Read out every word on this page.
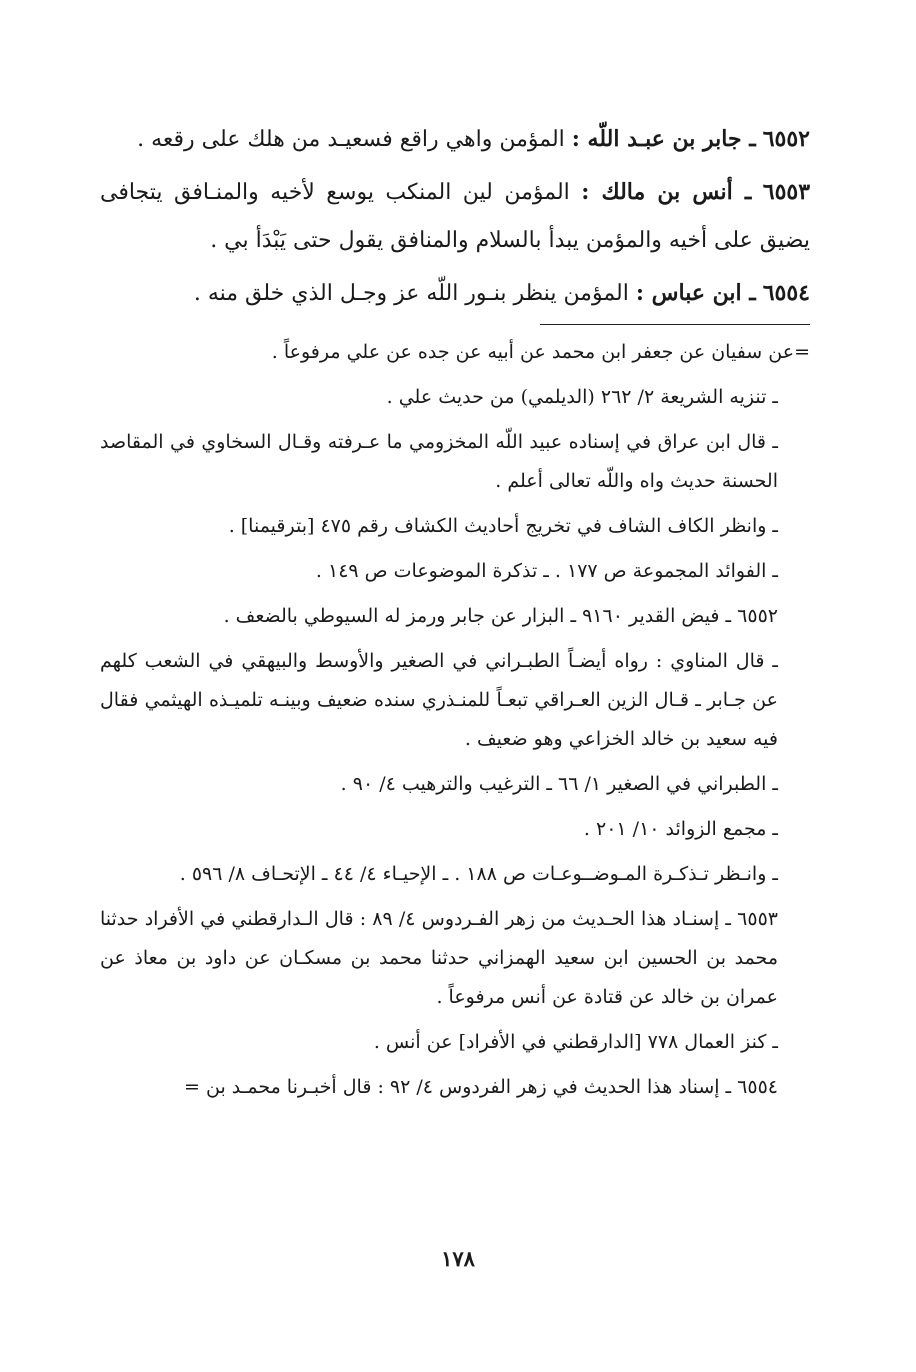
٦٥٥٢ ـ جابر بن عبـد اللّه : المؤمن واهي راقع فسعيـد من هلك على رقعه .

٦٥٥٣ ـ أنس بن مالك : المؤمن لين المنكب يوسع لأخيه والمنـافق يتجافى يضيق على أخيه والمؤمن يبدأ بالسلام والمنافق يقول حتى يَبْدَأ بي .

٦٥٥٤ ـ ابن عباس : المؤمن ينظر بنـور اللّه عز وجـل الذي خلق منه .

=عن سفيان عن جعفر ابن محمد عن أبيه عن جده عن علي مرفوعاً .

ـ تنزيه الشريعة ٢/ ٢٦٢ (الديلمي) من حديث علي .

ـ قال ابن عراق في إسناده عبيد اللّه المخزومي ما عـرفته وقـال السخاوي في المقاصد الحسنة حديث واه واللّه تعالى أعلم .

ـ وانظر الكاف الشاف في تخريج أحاديث الكشاف رقم ٤٧٥ [بترقيمنا] .

ـ الفوائد المجموعة ص ١٧٧ . ـ تذكرة الموضوعات ص ١٤٩ .

٦٥٥٢ ـ فيض القدير ٩١٦٠ ـ البزار عن جابر ورمز له السيوطي بالضعف .

ـ قال المناوي : رواه أيضـاً الطبـراني في الصغير والأوسط والبيهقي في الشعب كلهم عن جـابر ـ قـال الزين العـراقي تبعـاً للمنـذري سنده ضعيف وبينـه تلميـذه الهيثمي فقال فيه سعيد بن خالد الخزاعي وهو ضعيف .

ـ الطبراني في الصغير ١/ ٦٦ ـ الترغيب والترهيب ٤/ ٩٠ .

ـ مجمع الزوائد ١٠/ ٢٠١ .

ـ وانـظر تـذكـرة المـوضــوعـات ص ١٨٨ . ـ الإحيـاء ٤/ ٤٤ ـ الإتحـاف ٨/ ٥٩٦ .

٦٥٥٣ ـ إسنـاد هذا الحـديث من زهر الفـردوس ٤/ ٨٩ : قال الـدارقطني في الأفراد حدثنا محمد بن الحسين ابن سعيد الهمزاني حدثنا محمد بن مسكـان عن داود بن معاذ عن عمران بن خالد عن قتادة عن أنس مرفوعاً .

ـ كنز العمال ٧٧٨ [الدارقطني في الأفراد] عن أنس .

٦٥٥٤ ـ إسناد هذا الحديث في زهر الفردوس ٤/ ٩٢ : قال أخبـرنا محمـد بن =

١٧٨
